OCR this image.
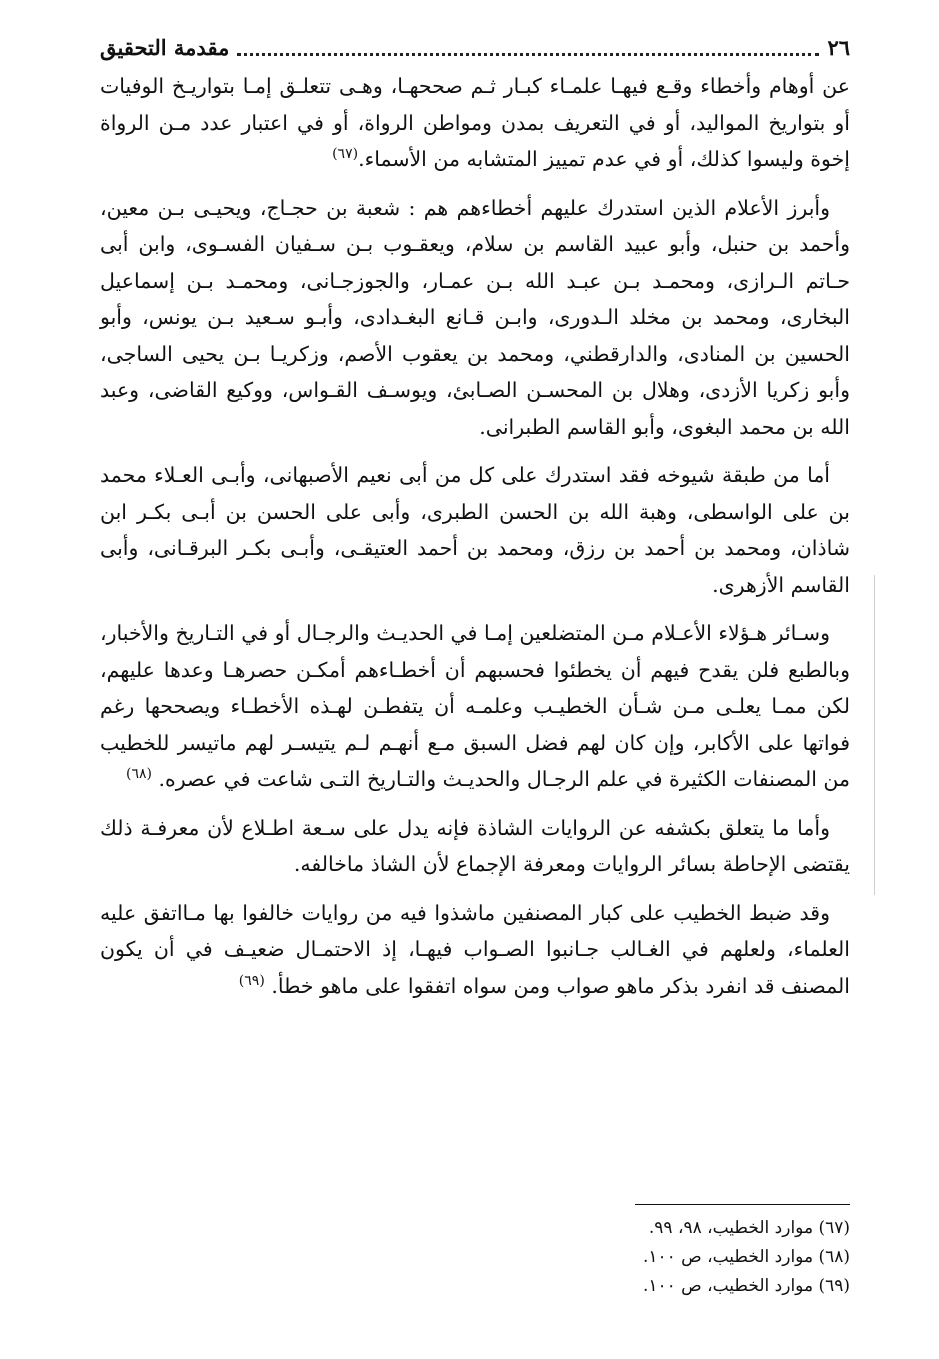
٢٦
مقدمة التحقيق

عن أوهام وأخطاء وقـع فيهـا علمـاء كبـار ثـم صححهـا، وهـى تتعلـق إمـا بتواريـخ الوفيات أو بتواريخ المواليد، أو في التعريف بمدن ومواطن الرواة، أو في اعتبار عدد مـن الرواة إخوة وليسوا كذلك، أو في عدم تمييز المتشابه من الأسماء.$^{(٦٧)}$

وأبرز الأعلام الذين استدرك عليهم أخطاءهم هم : شعبة بن حجـاج، ويحيـى بـن معين، وأحمد بن حنبل، وأبو عبيد القاسم بن سلام، ويعقـوب بـن سـفيان الفسـوى، وابن أبى حـاتم الـرازى، ومحمـد بـن عبـد الله بـن عمـار، والجوزجـانى، ومحمـد بـن إسماعيل البخارى، ومحمد بن مخلد الـدورى، وابـن قـانع البغـدادى، وأبـو سـعيد بـن يونس، وأبو الحسين بن المنادى، والدارقطني، ومحمد بن يعقوب الأصم، وزكريـا بـن يحيى الساجى، وأبو زكريا الأزدى، وهلال بن المحسـن الصـابئ، ويوسـف القـواس، ووكيع القاضى، وعبد الله بن محمد البغوى، وأبو القاسم الطبرانى.

أما من طبقة شيوخه فقد استدرك على كل من أبى نعيم الأصبهانى، وأبـى العـلاء محمد بن على الواسطى، وهبة الله بن الحسن الطبرى، وأبى على الحسن بن أبـى بكـر ابن شاذان، ومحمد بن أحمد بن رزق، ومحمد بن أحمد العتيقـى، وأبـى بكـر البرقـانى، وأبى القاسم الأزهرى.

وسـائر هـؤلاء الأعـلام مـن المتضلعين إمـا في الحديـث والرجـال أو في التـاريخ والأخبار، وبالطبع فلن يقدح فيهم أن يخطئوا فحسبهم أن أخطـاءهم أمكـن حصرهـا وعدها عليهم، لكن ممـا يعلـى مـن شـأن الخطيـب وعلمـه أن يتفطـن لهـذه الأخطـاء ويصححها رغم فواتها على الأكابر، وإن كان لهم فضل السبق مـع أنهـم لـم يتيسـر لهم ماتيسر للخطيب من المصنفات الكثيرة في علم الرجـال والحديـث والتـاريخ التـى شاعت في عصره. $^{(٦٨)}$

وأما ما يتعلق بكشفه عن الروايات الشاذة فإنه يدل على سـعة اطـلاع لأن معرفـة ذلك يقتضى الإحاطة بسائر الروايات ومعرفة الإجماع لأن الشاذ ماخالفه.

وقد ضبط الخطيب على كبار المصنفين ماشذوا فيه من روايات خالفوا بها مـااتفق عليه العلماء، ولعلهم في الغـالب جـانبوا الصـواب فيهـا، إذ الاحتمـال ضعيـف في أن يكون المصنف قد انفرد بذكر ماهو صواب ومن سواه اتفقوا على ماهو خطأ. $^{(٦٩)}$

(٦٧) موارد الخطيب، ٩٨، ٩٩.

(٦٨) موارد الخطيب، ص ١٠٠.

(٦٩) موارد الخطيب، ص ١٠٠.
